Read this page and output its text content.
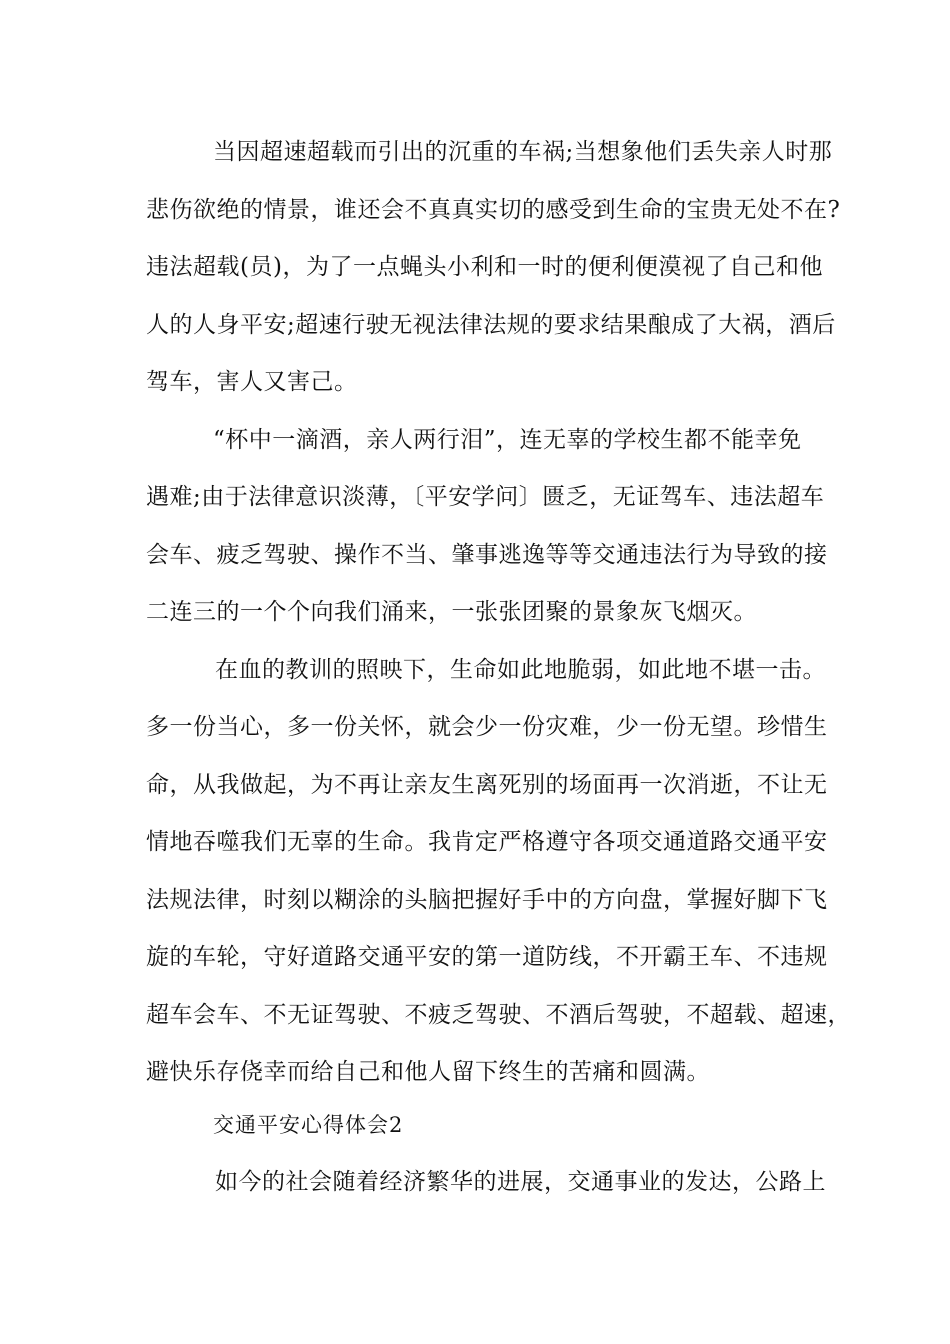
当因超速超载而引出的沉重的车祸;当想象他们丢失亲人时那

悲伤欲绝的情景，谁还会不真真实切的感受到生命的宝贵无处不在?

违法超载(员)，为了一点蝇头小利和一时的便利便漠视了自己和他

人的人身平安;超速行驶无视法律法规的要求结果酿成了大祸，酒后

驾车，害人又害己。

“杯中一滴酒，亲人两行泪”，连无辜的学校生都不能幸免

遇难;由于法律意识淡薄，〔平安学问〕匮乏，无证驾车、违法超车

会车、疲乏驾驶、操作不当、肇事逃逸等等交通违法行为导致的接

二连三的一个个向我们涌来，一张张团聚的景象灰飞烟灭。

在血的教训的照映下，生命如此地脆弱，如此地不堪一击。

多一份当心，多一份关怀，就会少一份灾难，少一份无望。珍惜生

命，从我做起，为不再让亲友生离死别的场面再一次消逝，不让无

情地吞噬我们无辜的生命。我肯定严格遵守各项交通道路交通平安

法规法律，时刻以糊涂的头脑把握好手中的方向盘，掌握好脚下飞

旋的车轮，守好道路交通平安的第一道防线，不开霸王车、不违规

超车会车、不无证驾驶、不疲乏驾驶、不酒后驾驶，不超载、超速，

避快乐存侥幸而给自己和他人留下终生的苦痛和圆满。

交通平安心得体会2

如今的社会随着经济繁华的进展，交通事业的发达，公路上
